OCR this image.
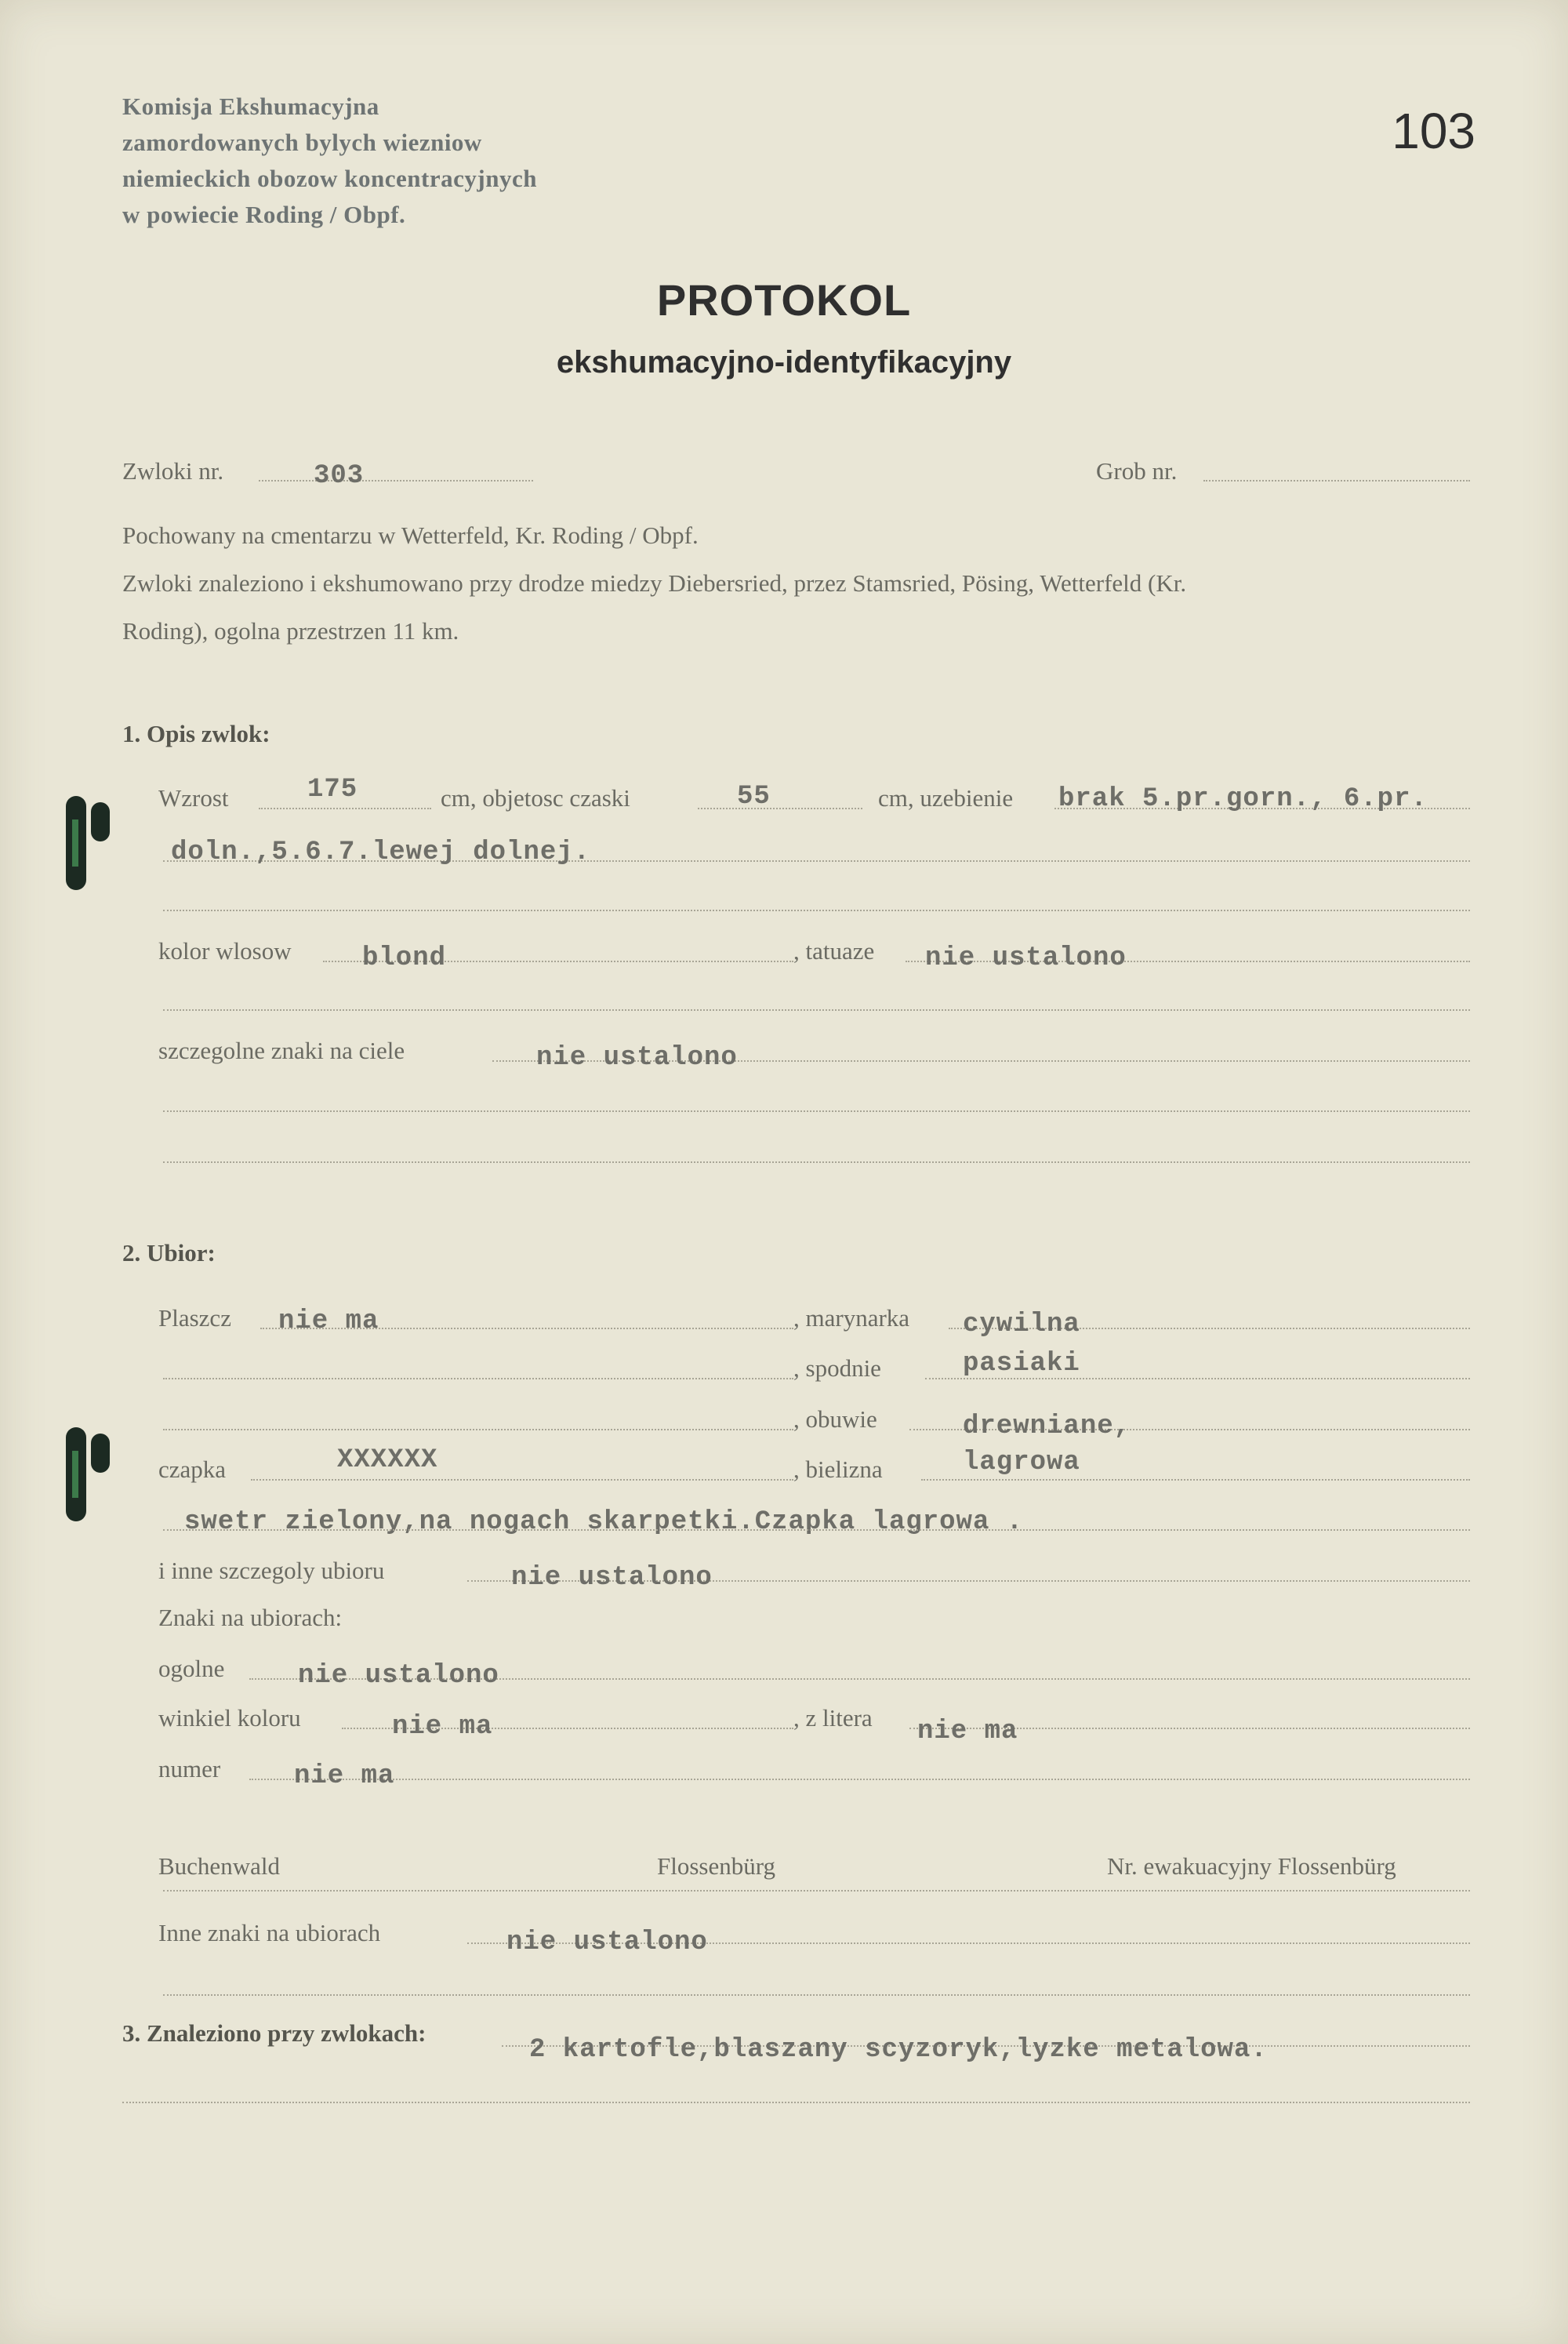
Komisja Ekshumacyjna
zamordowanych bylych wiezniow
niemieckich obozow koncentracyjnych
w powiecie Roding / Obpf.
103
PROTOKOL
ekshumacyjno-identyfikacyjny
Zwloki nr.	303	Grob nr.
Pochowany na cmentarzu w Wetterfeld, Kr. Roding / Obpf.
Zwloki znaleziono i ekshumowano przy drodze miedzy Diebersried, przez Stamsried, Pösing, Wetterfeld (Kr.
Roding), ogolna przestrzen 11 km.
1. Opis zwlok:
Wzrost	175	cm, objetosc czaski	55	cm, uzebienie brak 5.pr.gorn., 6.pr.
doln.,5.6.7.lewej dolnej.
kolor wlosow	blond	, tatuaze nie ustalono
szczegolne znaki na ciele	nie ustalono
2. Ubior:
Plaszcz nie ma	, marynarka cywilna
, spodnie	pasiaki
, obuwie	drewniane,
czapka	XXXXXX	, bielizna	lagrowa
swetr zielony,na nogach skarpetki.Czapka lagrowa .
i inne szczegoly ubioru	nie ustalono
Znaki na ubiorach:
ogolne	nie ustalono
winkiel koloru	nie ma	, z litera nie ma
numer	nie ma
Buchenwald	Flossenbürg	Nr. ewakuacyjny Flossenbürg
Inne znaki na ubiorach	nie ustalono
3. Znaleziono przy zwlokach:
2 kartofle,blaszany scyzoryk,lyzke metalowa.
